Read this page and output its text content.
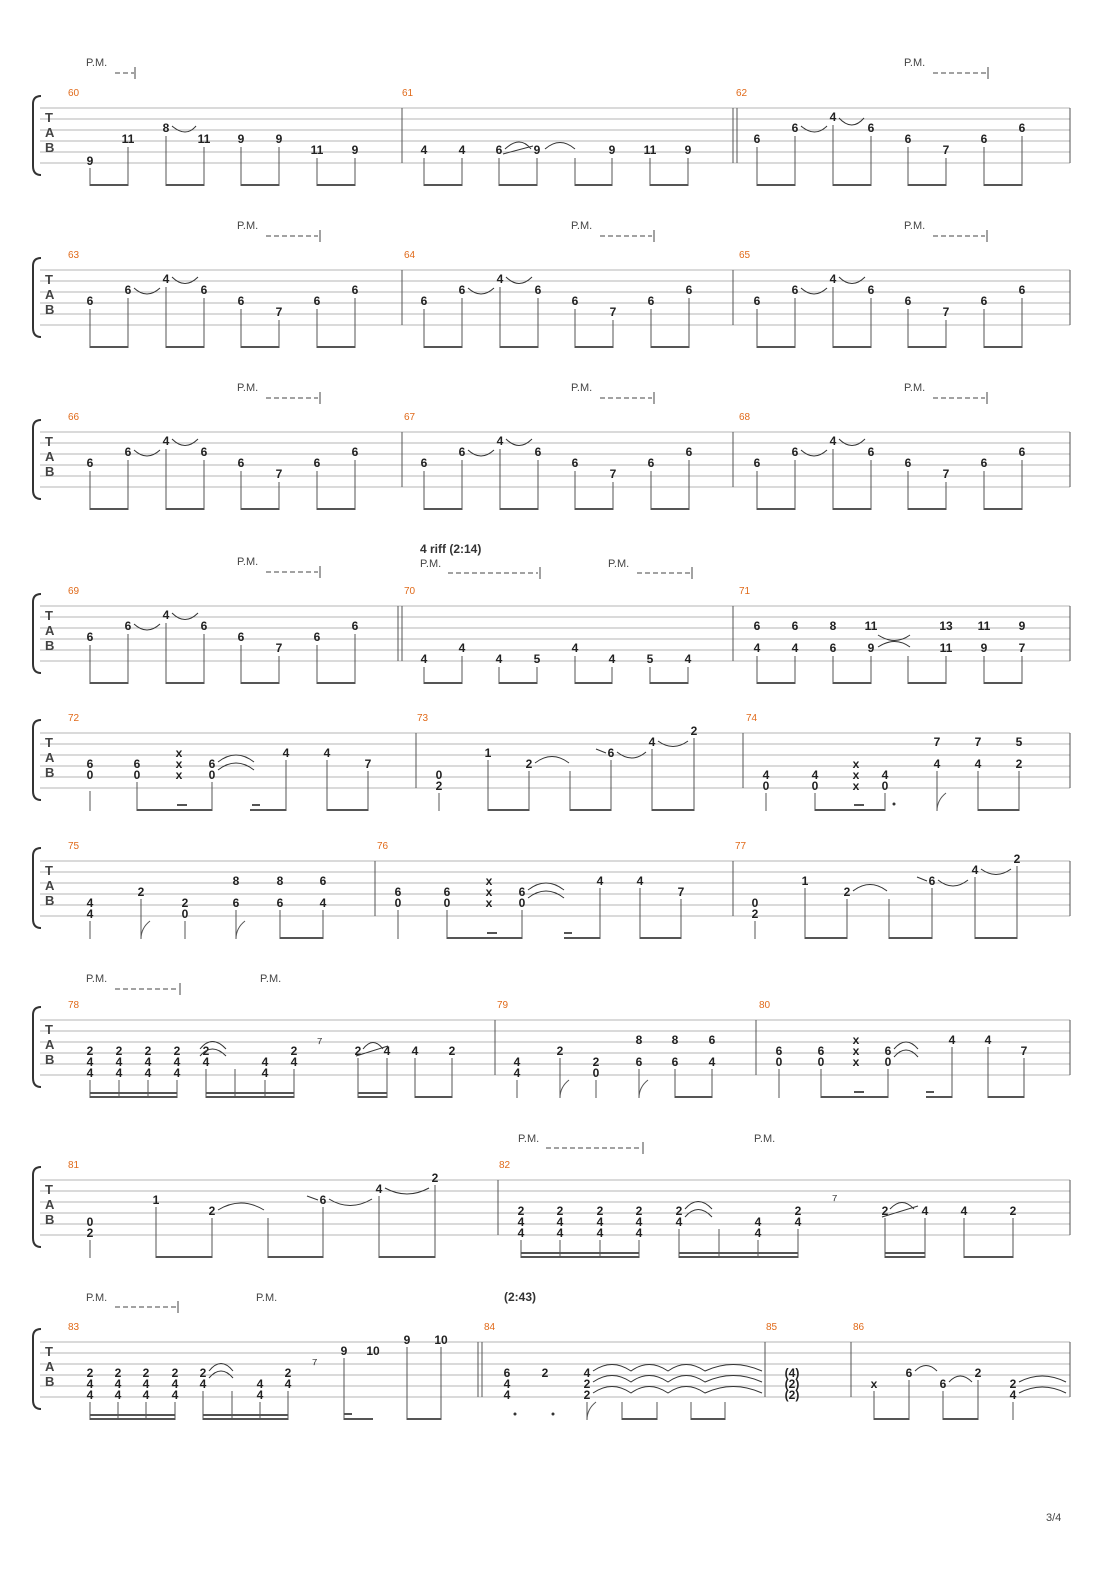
T
A
B
60	61	62
P.M.	P.M.
9
11
8
11 9	9
11 9	4	4	6	9	9 11 9
6
6
4
6
6
7
6
6
T
A
B
63
P.M.
6
6
4
6
6
7
6
6
64
P.M.
6
6
4
6
6
7
6
6
65
P.M.
6
6
4
6
6
7
6
6
T
A
B
66
P.M.
6
6
4
6
6
7
6
6
67
P.M.
6
6
4
6
6
7
6
6
68
P.M.
6
6
4
6
6
7
6
6
T
A
B
69
P.M.
6
6
4
6
6
7
6
6
70	71
4 riff (2:14)
P.M.	P.M.
4
4
4	5
4
4	5	4
6
4
6
4
8
6
11
9
13
11
11
9
9
7
T
A
B
72	73	74
6
0
6
0
x
x
x
6
0
4	4
7
0
2
1
2
6
4
2
4
0
4
0
x
x
x
4
0
7
4
7
4
5
2
T
A
B
75	76	77
4
4
2
2
0
8
6
8
6
6
4
6
0
6
0
x
x
x
6
0
4	4
7
0
2
1
2
6
4
2
T
A
B
78	79	80
P.M.	P.M.
2
4
4
2
4
4
2
4
4
2
4
4
2
4	4
4
2
4
2 4 4	2
4
4
2
2
0
8
6
8
6
6
4
6
0
6
0
x
x
x
6
0
4 4
7
⁷
T
A
B
81	82
P.M.	P.M.
0
2
1
2
6
4
2
2
4
4
2
4
4
2
4
4
2
4
4
2
4	4
4
2
4
2	4	4	2
⁷
T
A
B
83	84	85	86
P.M.	P.M.	(2:43)
2
4
4
2
4
4
2
4
4
2
4
4
2
4	4
4
2
4
9 10
9 10
6
4
4
2	4
2
2
(4)
(2)
(2)
x
6
6
2
2
4
⁷
3/4
